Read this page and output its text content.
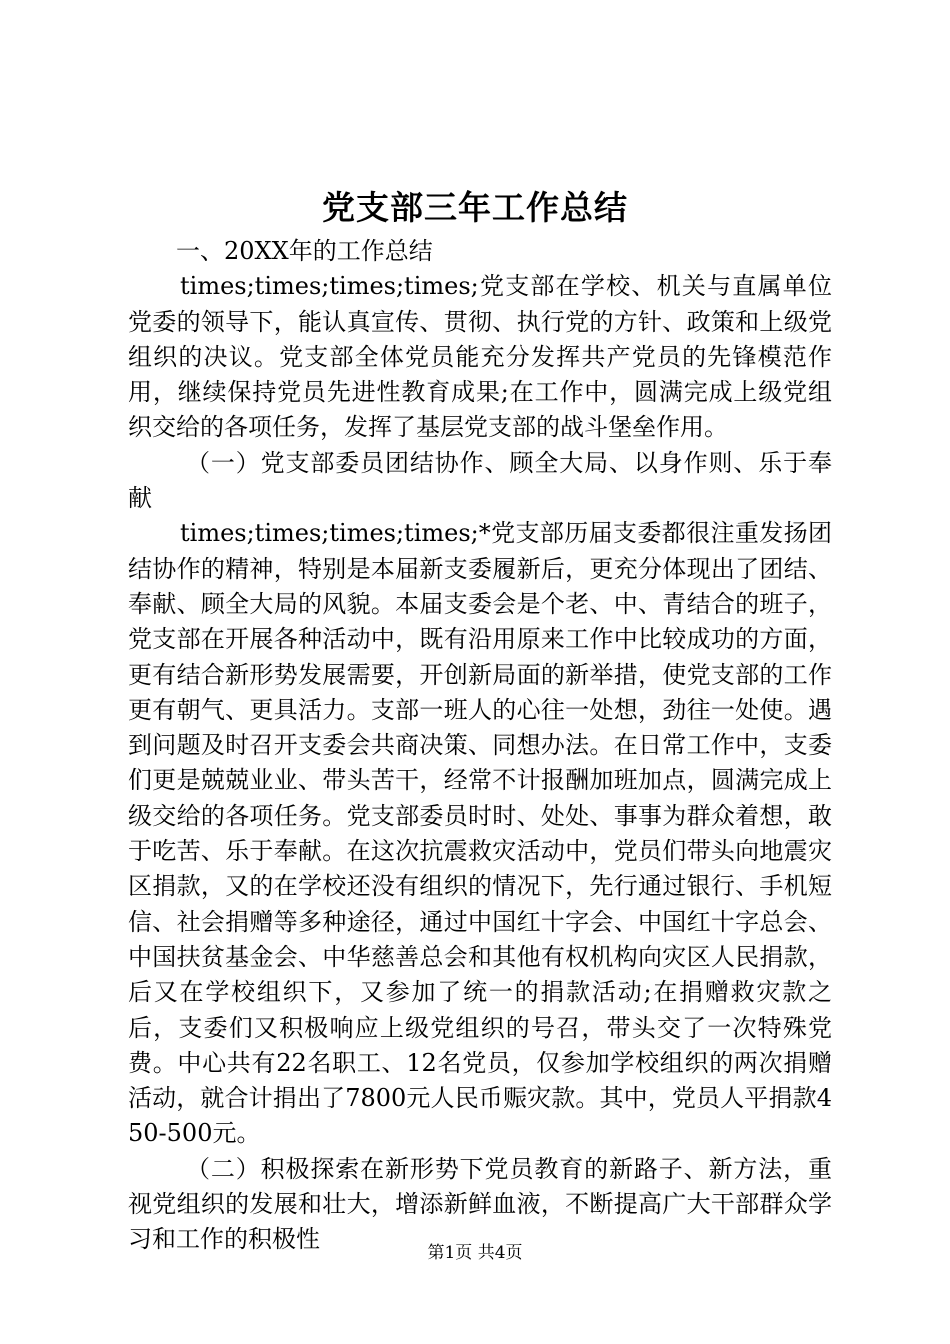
党支部三年工作总结

一、20XX年的工作总结

times;times;times;times;党支部在学校、机关与直属单位党委的领导下，能认真宣传、贯彻、执行党的方针、政策和上级党组织的决议。党支部全体党员能充分发挥共产党员的先锋模范作用，继续保持党员先进性教育成果;在工作中，圆满完成上级党组织交给的各项任务，发挥了基层党支部的战斗堡垒作用。

（一）党支部委员团结协作、顾全大局、以身作则、乐于奉献

times;times;times;times;*党支部历届支委都很注重发扬团结协作的精神，特别是本届新支委履新后，更充分体现出了团结、奉献、顾全大局的风貌。本届支委会是个老、中、青结合的班子，党支部在开展各种活动中，既有沿用原来工作中比较成功的方面，更有结合新形势发展需要，开创新局面的新举措，使党支部的工作更有朝气、更具活力。支部一班人的心往一处想，劲往一处使。遇到问题及时召开支委会共商决策、同想办法。在日常工作中，支委们更是兢兢业业、带头苦干，经常不计报酬加班加点，圆满完成上级交给的各项任务。党支部委员时时、处处、事事为群众着想，敢于吃苦、乐于奉献。在这次抗震救灾活动中，党员们带头向地震灾区捐款，又的在学校还没有组织的情况下，先行通过银行、手机短信、社会捐赠等多种途径，通过中国红十字会、中国红十字总会、中国扶贫基金会、中华慈善总会和其他有权机构向灾区人民捐款，后又在学校组织下，又参加了统一的捐款活动;在捐赠救灾款之后，支委们又积极响应上级党组织的号召，带头交了一次特殊党费。中心共有22名职工、12名党员，仅参加学校组织的两次捐赠活动，就合计捐出了7800元人民币赈灾款。其中，党员人平捐款450-500元。

（二）积极探索在新形势下党员教育的新路子、新方法，重视党组织的发展和壮大，增添新鲜血液，不断提高广大干部群众学习和工作的积极性	第1页 共4页
